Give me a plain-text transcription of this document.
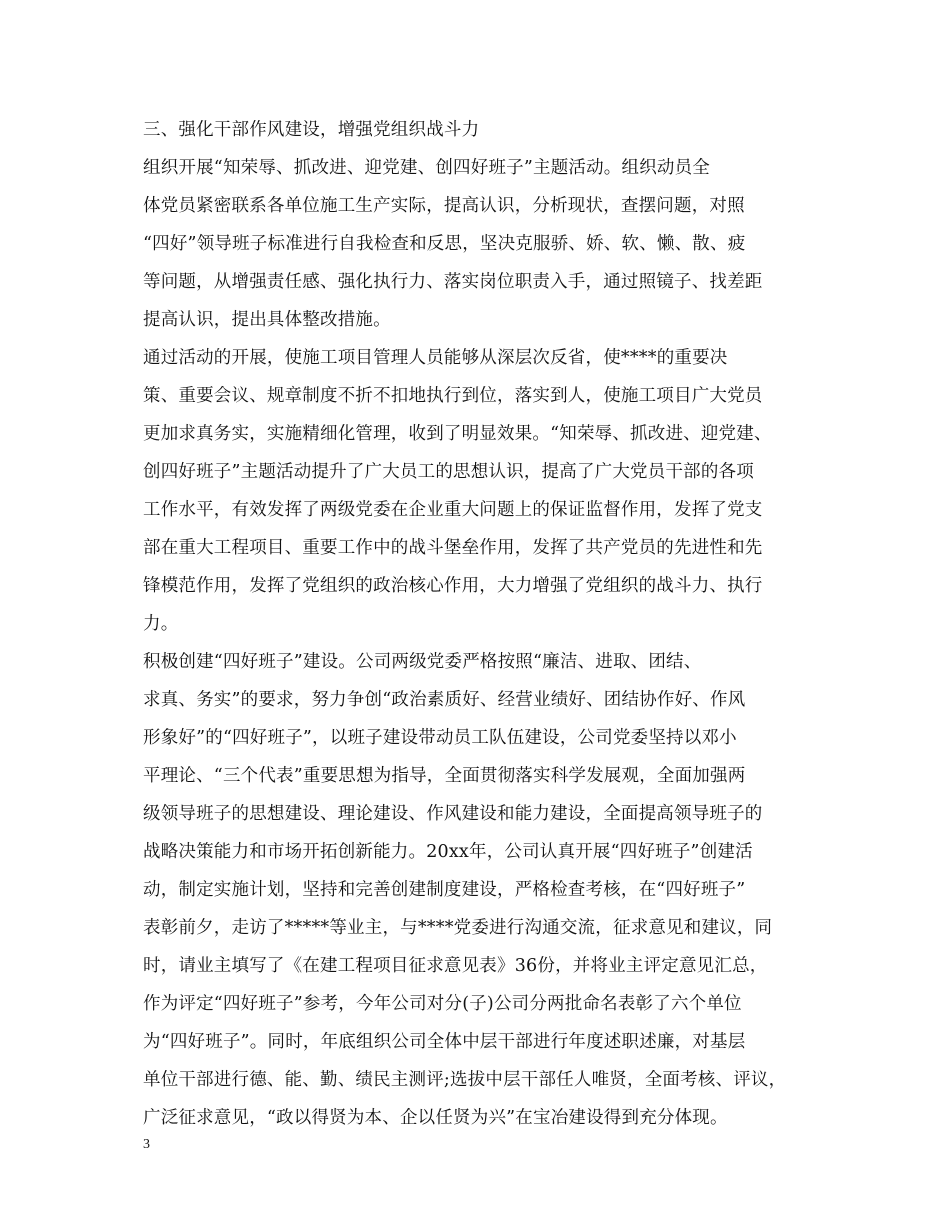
三、强化干部作风建设，增强党组织战斗力
组织开展“知荣辱、抓改进、迎党建、创四好班子”主题活动。组织动员全
体党员紧密联系各单位施工生产实际，提高认识，分析现状，查摆问题，对照
“四好”领导班子标准进行自我检查和反思，坚决克服骄、娇、软、懒、散、疲
等问题，从增强责任感、强化执行力、落实岗位职责入手，通过照镜子、找差距
提高认识，提出具体整改措施。
通过活动的开展，使施工项目管理人员能够从深层次反省，使****的重要决
策、重要会议、规章制度不折不扣地执行到位，落实到人，使施工项目广大党员
更加求真务实，实施精细化管理，收到了明显效果。“知荣辱、抓改进、迎党建、
创四好班子”主题活动提升了广大员工的思想认识，提高了广大党员干部的各项
工作水平，有效发挥了两级党委在企业重大问题上的保证监督作用，发挥了党支
部在重大工程项目、重要工作中的战斗堡垒作用，发挥了共产党员的先进性和先
锋模范作用，发挥了党组织的政治核心作用，大力增强了党组织的战斗力、执行
力。
积极创建“四好班子”建设。公司两级党委严格按照“廉洁、进取、团结、
求真、务实”的要求，努力争创“政治素质好、经营业绩好、团结协作好、作风
形象好”的“四好班子”，以班子建设带动员工队伍建设，公司党委坚持以邓小
平理论、“三个代表”重要思想为指导，全面贯彻落实科学发展观，全面加强两
级领导班子的思想建设、理论建设、作风建设和能力建设，全面提高领导班子的
战略决策能力和市场开拓创新能力。20xx年，公司认真开展“四好班子”创建活
动，制定实施计划，坚持和完善创建制度建设，严格检查考核，在“四好班子”
表彰前夕，走访了*****等业主，与****党委进行沟通交流，征求意见和建议，同
时，请业主填写了《在建工程项目征求意见表》36份，并将业主评定意见汇总，
作为评定“四好班子”参考，今年公司对分(子)公司分两批命名表彰了六个单位
为“四好班子”。同时，年底组织公司全体中层干部进行年度述职述廉，对基层
单位干部进行德、能、勤、绩民主测评;选拔中层干部任人唯贤，全面考核、评议，
广泛征求意见，“政以得贤为本、企以任贤为兴”在宝冶建设得到充分体现。
3
